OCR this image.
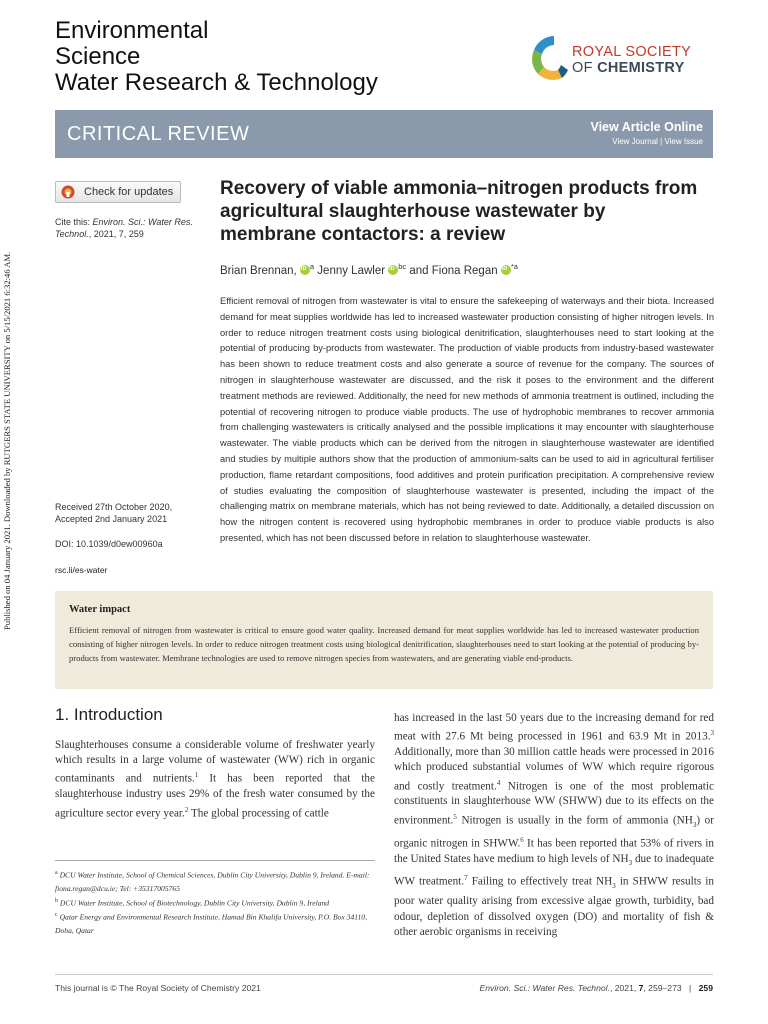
Published on 04 January 2021. Downloaded by RUTGERS STATE UNIVERSITY on 5/15/2021 6:32:46 AM.
Environmental
Science
Water Research & Technology
ROYAL SOCIETY
OF CHEMISTRY
CRITICAL REVIEW	View Article Online
View Journal | View Issue
Check for updates
Cite this: Environ. Sci.: Water Res. Technol., 2021, 7, 259
Received 27th October 2020,
Accepted 2nd January 2021
DOI: 10.1039/d0ew00960a
rsc.li/es-water
Recovery of viable ammonia–nitrogen products from agricultural slaughterhouse wastewater by membrane contactors: a review
Brian Brennan, iD $^a$ Jenny Lawler iD $^{bc}$ and Fiona Regan iD $^{*a}$

Efficient removal of nitrogen from wastewater is vital to ensure the safekeeping of waterways and their biota. Increased demand for meat supplies worldwide has led to increased wastewater production consisting of higher nitrogen levels. In order to reduce nitrogen treatment costs using biological denitrification, slaughterhouses need to start looking at the potential of producing by-products from wastewater. The production of viable products from industry-based wastewater has been shown to reduce treatment costs and also generate a source of revenue for the company. The sources of nitrogen in slaughterhouse wastewater are discussed, and the risk it poses to the environment and the different treatment methods are reviewed. Additionally, the need for new methods of ammonia treatment is outlined, including the potential of recovering nitrogen to produce viable products. The use of hydrophobic membranes to recover ammonia from challenging wastewaters is critically analysed and the possible implications it may encounter with slaughterhouse wastewater. The viable products which can be derived from the nitrogen in slaughterhouse wastewater are identified and studies by multiple authors show that the production of ammonium-salts can be used to aid in agricultural fertiliser production, flame retardant compositions, food additives and protein purification precipitation. A comprehensive review of studies evaluating the composition of slaughterhouse wastewater is presented, including the impact of the challenging matrix on membrane materials, which has not being reviewed to date. Additionally, a detailed discussion on how the nitrogen content is recovered using hydrophobic membranes in order to produce viable products is also presented, which has not been discussed before in relation to slaughterhouse wastewater.

Water impact

Efficient removal of nitrogen from wastewater is critical to ensure good water quality. Increased demand for meat supplies worldwide has led to increased wastewater production consisting of higher nitrogen levels. In order to reduce nitrogen treatment costs using biological denitrification, slaughterhouses need to start looking at the potential of producing by-products from wastewater. Membrane technologies are used to remove nitrogen species from wastewaters, and are generating viable end-products.

1. Introduction

Slaughterhouses consume a considerable volume of freshwater yearly which results in a large volume of wastewater (WW) rich in organic contaminants and nutrients.$^1$ It has been reported that the slaughterhouse industry uses 29% of the fresh water consumed by the agriculture sector every year.$^2$ The global processing of cattle

has increased in the last 50 years due to the increasing demand for red meat with 27.6 Mt being processed in 1961 and 63.9 Mt in 2013.$^3$ Additionally, more than 30 million cattle heads were processed in 2016 which produced substantial volumes of WW which require rigorous and costly treatment.$^4$ Nitrogen is one of the most problematic constituents in slaughterhouse WW (SHWW) due to its effects on the environment.$^5$ Nitrogen is usually in the form of ammonia $(NH_3)$ or organic nitrogen in SHWW.$^6$ It has been reported that 53% of rivers in the United States have medium to high levels of $NH_3$ due to inadequate WW treatment.$^7$ Failing to effectively treat $NH_3$ in SHWW results in poor water quality arising from excessive algae growth, turbidity, bad odour, depletion of dissolved oxygen (DO) and mortality of fish & other aerobic organisms in receiving

$^a$ DCU Water Institute, School of Chemical Sciences, Dublin City University, Dublin 9, Ireland. E-mail: fiona.regan@dcu.ie; Tel: +35317005765
$^b$ DCU Water Institute, School of Biotechnology, Dublin City University, Dublin 9, Ireland
$^c$ Qatar Energy and Environmental Research Institute, Hamad Bin Khalifa University, P.O. Box 34110, Doha, Qatar
This journal is © The Royal Society of Chemistry 2021	Environ. Sci.: Water Res. Technol., 2021, 7, 259–273 | 259
